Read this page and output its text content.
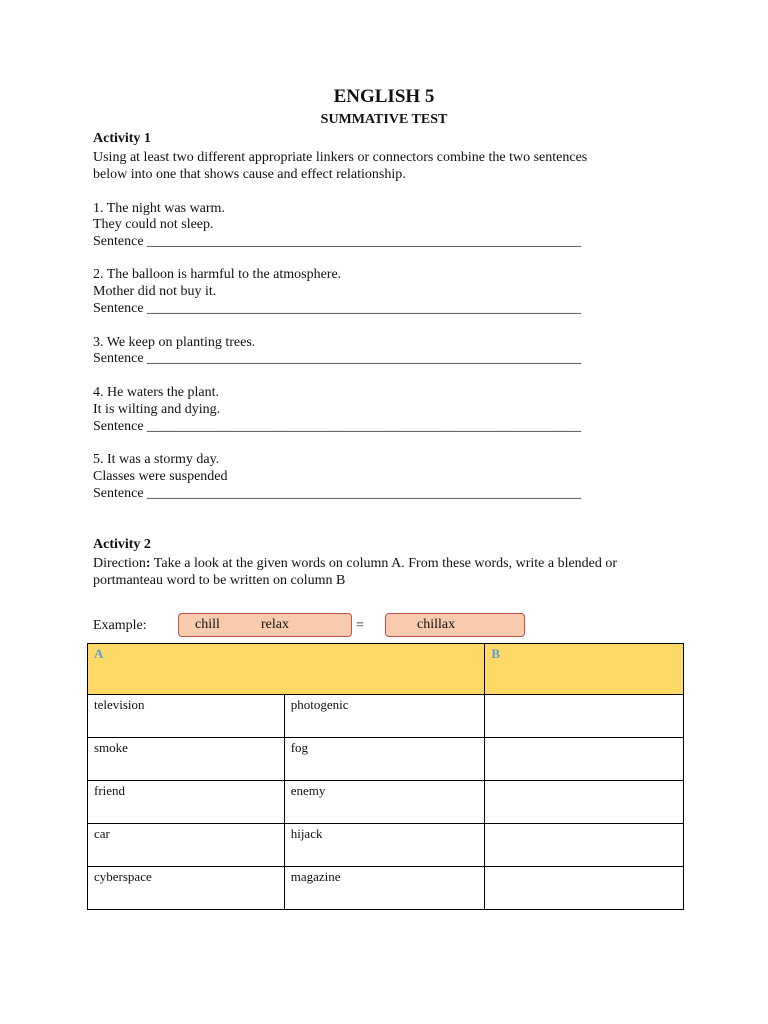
ENGLISH 5
SUMMATIVE TEST
Activity 1
Using at least two different appropriate linkers or connectors combine the two sentences
below into one that shows cause and effect relationship.
1. The night was warm.
They could not sleep.
Sentence ______________________________________________________________
2. The balloon is harmful to the atmosphere.
Mother did not buy it.
Sentence ______________________________________________________________
3. We keep on planting trees.
Sentence ______________________________________________________________
4. He waters the plant.
It is wilting and dying.
Sentence ______________________________________________________________
5. It was a stormy day.
Classes were suspended
Sentence ______________________________________________________________
Activity 2
Direction: Take a look at the given words on column A. From these words, write a blended or
portmanteau word to be written on column B
Example:	chill	relax	=	chillax
A		B
television	photogenic	
smoke	fog	
friend	enemy	
car	hijack	
cyberspace	magazine	
